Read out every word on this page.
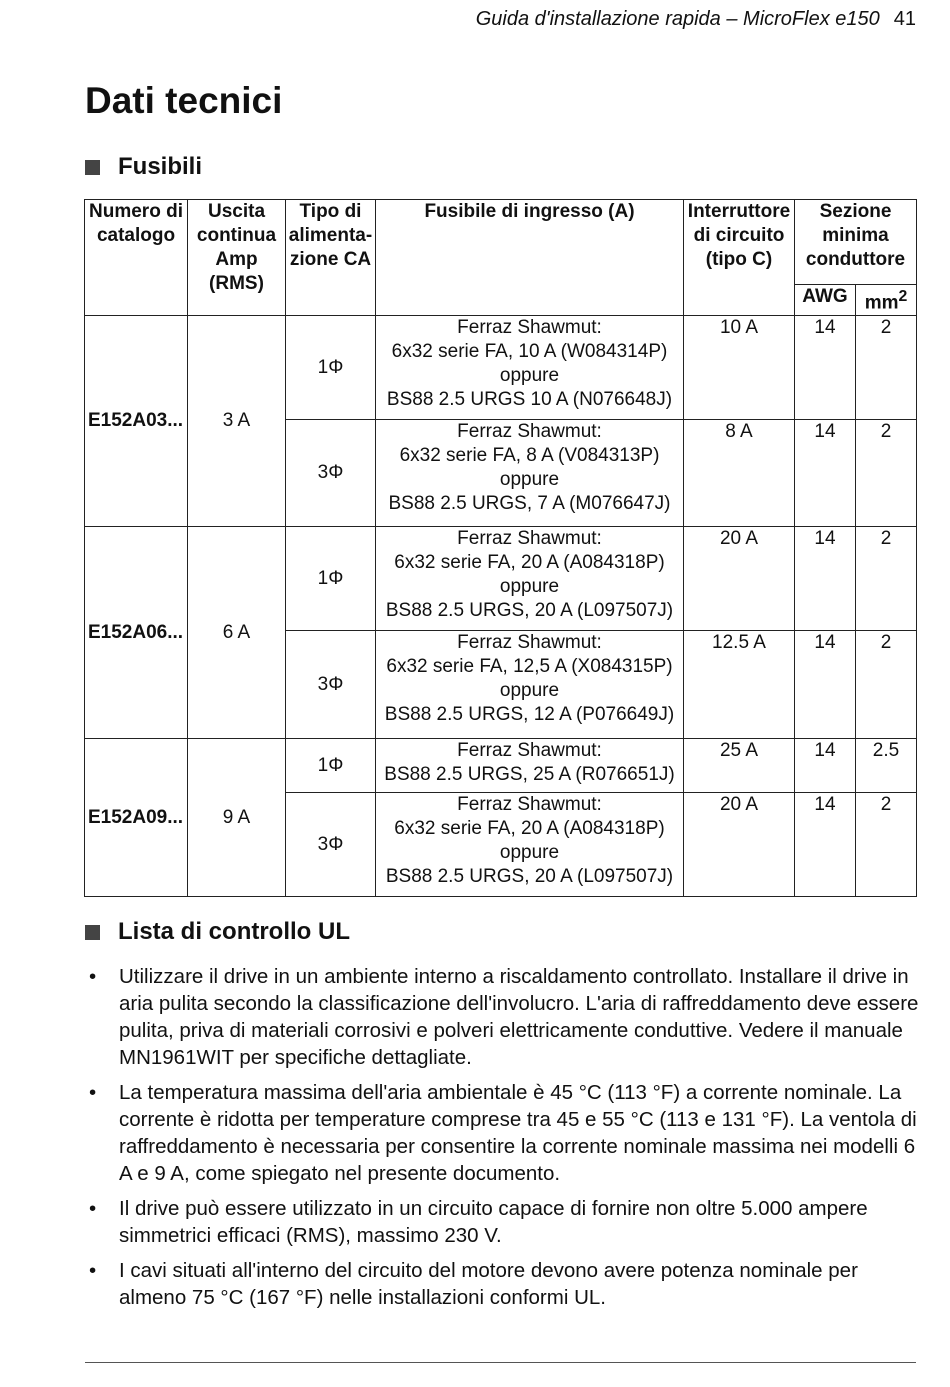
Guida d'installazione rapida – MicroFlex e150 41
Dati tecnici
Fusibili
Numero di catalogo	Uscita continua Amp (RMS)	Tipo di alimenta-zione CA	Fusibile di ingresso (A)	Interruttore di circuito (tipo C)	Sezione minima conduttore	
					AWG	$mm^2$
E152A03...	3 A	1Φ	Ferraz Shawmut:
6x32 serie FA, 10 A (W084314P)
oppure
BS88 2.5 URGS 10 A (N076648J)	10 A	14	2
		3Φ	Ferraz Shawmut:
6x32 serie FA, 8 A (V084313P)
oppure
BS88 2.5 URGS, 7 A (M076647J)	8 A	14	2
E152A06...	6 A	1Φ	Ferraz Shawmut:
6x32 serie FA, 20 A (A084318P)
oppure
BS88 2.5 URGS, 20 A (L097507J)	20 A	14	2
		3Φ	Ferraz Shawmut:
6x32 serie FA, 12,5 A (X084315P)
oppure
BS88 2.5 URGS, 12 A (P076649J)	12.5 A	14	2
E152A09...	9 A	1Φ	Ferraz Shawmut:
BS88 2.5 URGS, 25 A (R076651J)	25 A	14	2.5
		3Φ	Ferraz Shawmut:
6x32 serie FA, 20 A (A084318P)
oppure
BS88 2.5 URGS, 20 A (L097507J)	20 A	14	2
Lista di controllo UL
• Utilizzare il drive in un ambiente interno a riscaldamento controllato. Installare il drive in aria pulita secondo la classificazione dell'involucro. L'aria di raffreddamento deve essere pulita, priva di materiali corrosivi e polveri elettricamente conduttive. Vedere il manuale MN1961WIT per specifiche dettagliate.
• La temperatura massima dell'aria ambientale è 45 °C (113 °F) a corrente nominale. La corrente è ridotta per temperature comprese tra 45 e 55 °C (113 e 131 °F). La ventola di raffreddamento è necessaria per consentire la corrente nominale massima nei modelli 6 A e 9 A, come spiegato nel presente documento.
• Il drive può essere utilizzato in un circuito capace di fornire non oltre 5.000 ampere simmetrici efficaci (RMS), massimo 230 V.
• I cavi situati all'interno del circuito del motore devono avere potenza nominale per almeno 75 °C (167 °F) nelle installazioni conformi UL.
